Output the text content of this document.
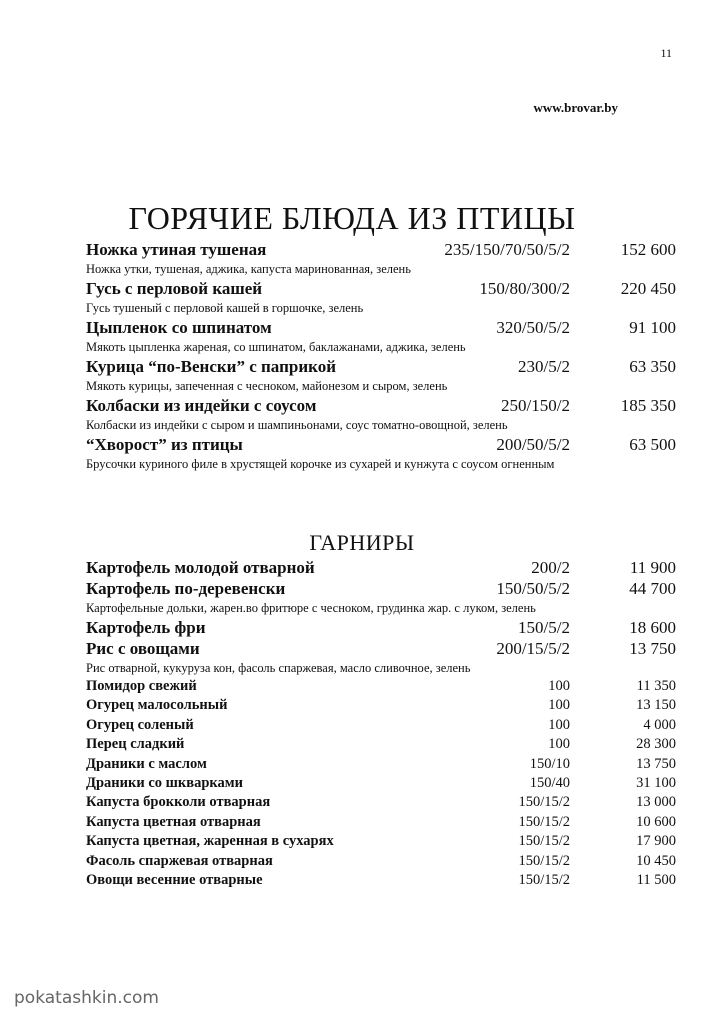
11
www.brovar.by
ГОРЯЧИЕ БЛЮДА ИЗ ПТИЦЫ
Ножка утиная тушеная	235/150/70/50/5/2	152 600
Ножка утки, тушеная, аджика, капуста маринованная, зелень
Гусь с перловой кашей	150/80/300/2	220 450
Гусь тушеный с перловой кашей в горшочке, зелень
Цыпленок со шпинатом	320/50/5/2	91 100
Мякоть цыпленка жареная, со шпинатом, баклажанами, аджика, зелень
Курица “по-Венски” с паприкой	230/5/2	63 350
Мякоть курицы, запеченная с чесноком, майонезом и сыром, зелень
Колбаски из индейки с соусом	250/150/2	185 350
Колбаски из индейки с сыром и шампиньонами, соус томатно-овощной, зелень
“Хворост” из птицы	200/50/5/2	63 500
Брусочки куриного филе в хрустящей корочке из сухарей и кунжута с соусом огненным
ГАРНИРЫ
Картофель молодой отварной	200/2	11 900
Картофель по-деревенски	150/50/5/2	44 700
Картофельные дольки, жарен.во фритюре с чесноком, грудинка жар. с луком, зелень
Картофель фри	150/5/2	18 600
Рис с овощами	200/15/5/2	13 750
Рис отварной, кукуруза кон, фасоль спаржевая, масло сливочное, зелень
Помидор свежий	100	11 350
Огурец малосольный	100	13 150
Огурец соленый	100	4 000
Перец сладкий	100	28 300
Драники с маслом	150/10	13 750
Драники со шкварками	150/40	31 100
Капуста брокколи отварная	150/15/2	13 000
Капуста цветная отварная	150/15/2	10 600
Капуста цветная, жаренная в сухарях	150/15/2	17 900
Фасоль спаржевая отварная	150/15/2	10 450
Овощи весенние отварные	150/15/2	11 500
pokatashkin.com
